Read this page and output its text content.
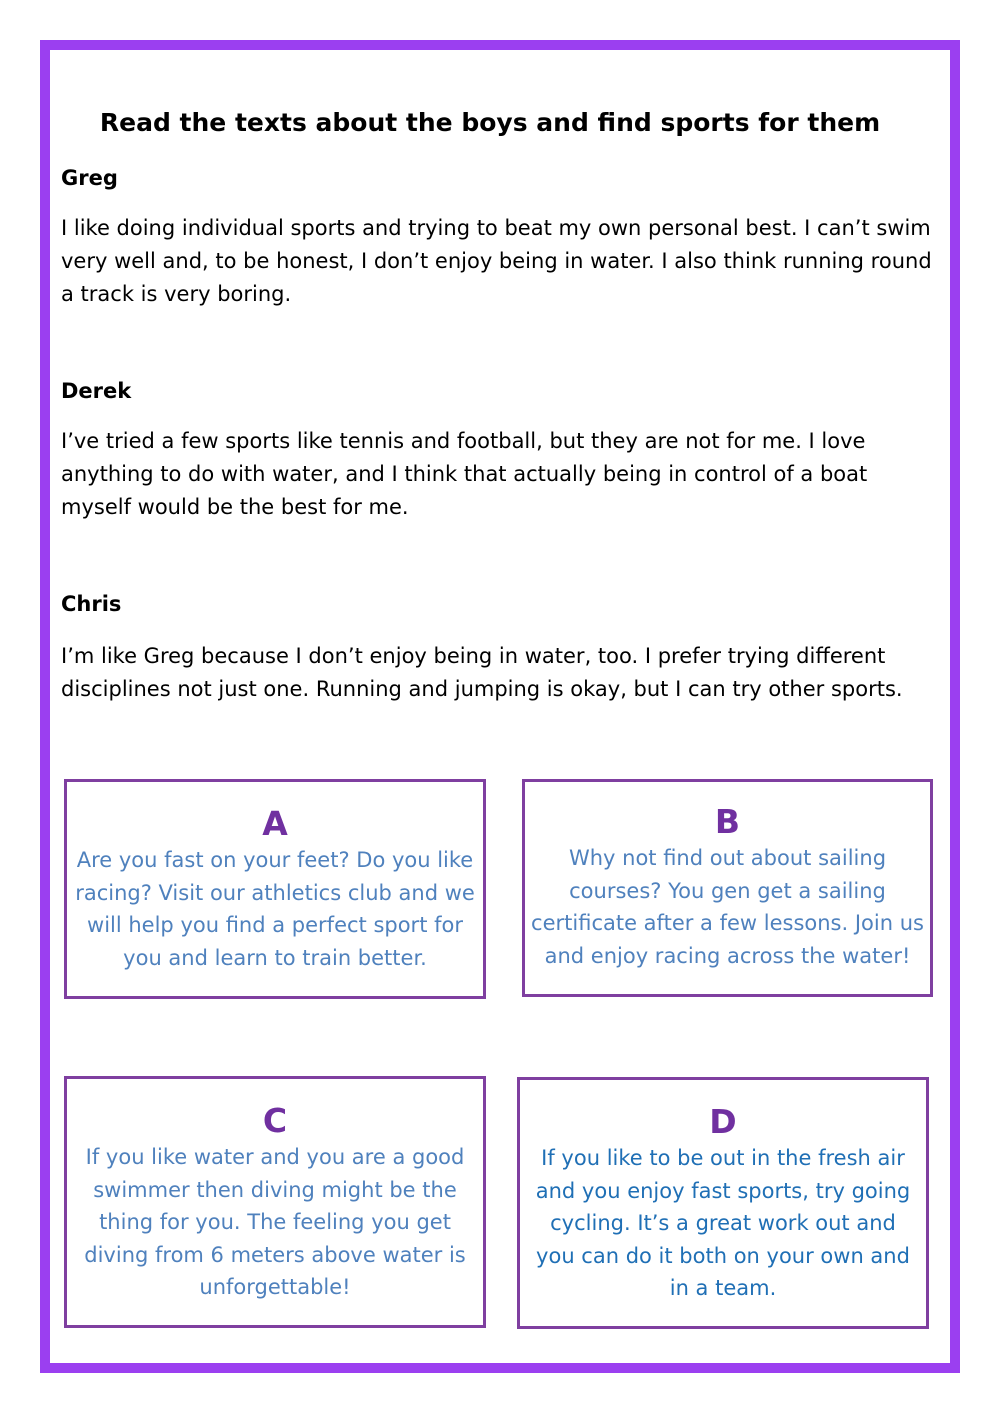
Read the texts about the boys and find sports for them

Greg

I like doing individual sports and trying to beat my own personal best. I can’t swim very well and, to be honest, I don’t enjoy being in water. I also think running round a track is very boring.

Derek

I’ve tried a few sports like tennis and football, but they are not for me. I love anything to do with water, and I think that actually being in control of a boat myself would be the best for me.

Chris

I’m like Greg because I don’t enjoy being in water, too. I prefer trying different disciplines not just one. Running and jumping is okay, but I can try other sports.

A
Are you fast on your feet? Do you like racing? Visit our athletics club and we will help you find a perfect sport for you and learn to train better.
B
Why not find out about sailing courses? You gen get a sailing certificate after a few lessons. Join us and enjoy racing across the water!
C
If you like water and you are a good swimmer then diving might be the thing for you. The feeling you get diving from 6 meters above water is unforgettable!
D
If you like to be out in the fresh air and you enjoy fast sports, try going cycling. It’s a great work out and you can do it both on your own and in a team.
